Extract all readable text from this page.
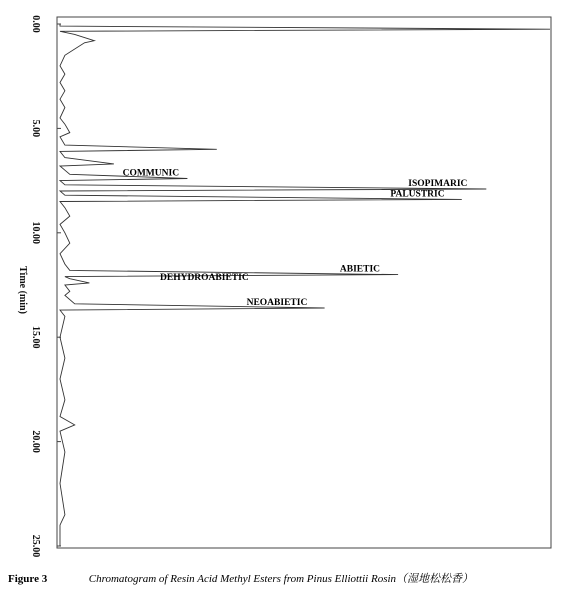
0.00
5.00
10.00
15.00
20.00
25.00
Time (min)
COMMUNIC
ISOPIMARIC
PALUSTRIC
ABIETIC
DEHYDROABIETIC
NEOABIETIC
Figure 3	Chromatogram of Resin Acid Methyl Esters from Pinus Elliottii Rosin（湿地松松香）
